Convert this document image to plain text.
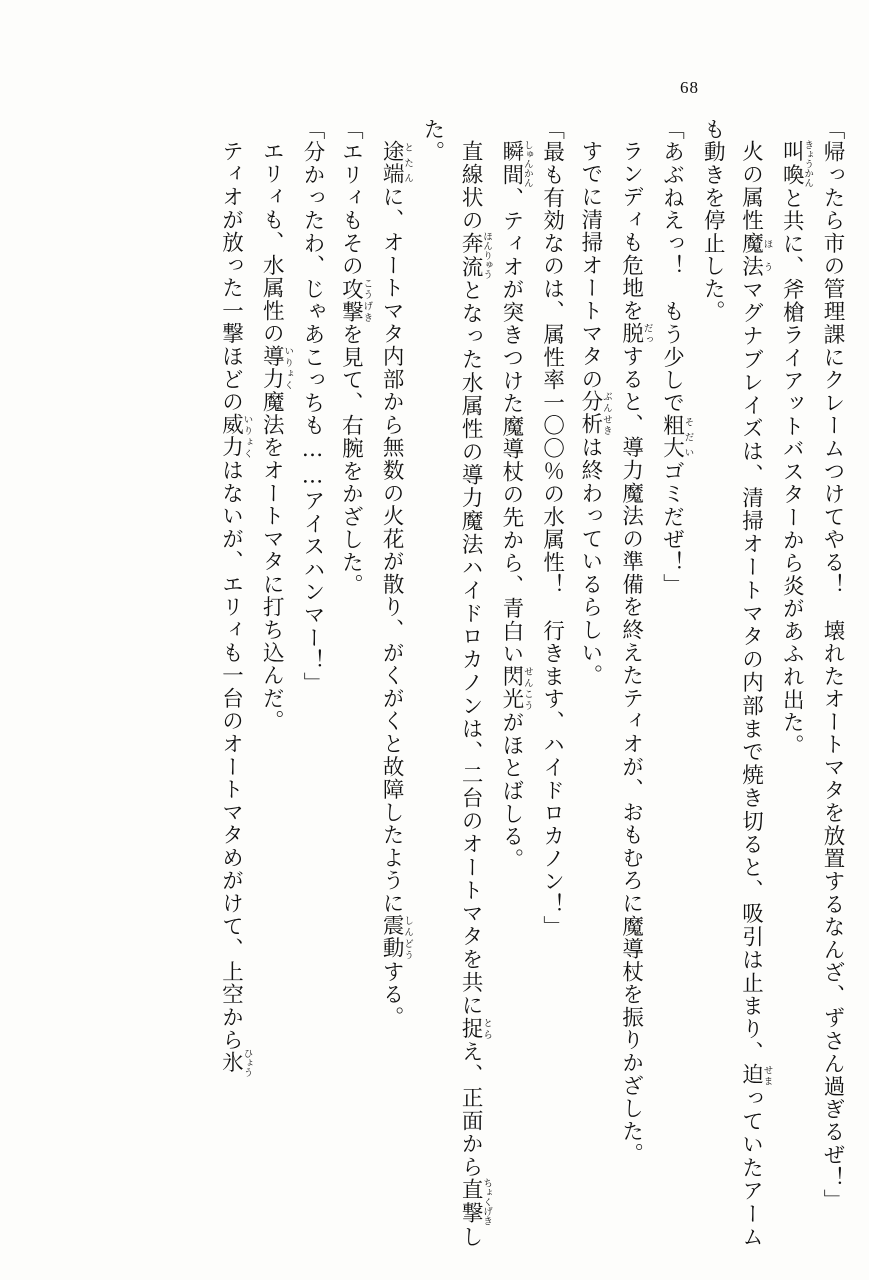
68

「帰ったら市の管理課にクレームつけてやる！　壊れたオートマタを放置するなんざ、ずさん過ぎるぜ！」

叫喚きょうかんと共に、斧槍ライアットバスターから炎があふれ出た。

火の属性魔法ほうマグナブレイズは、清掃オートマタの内部まで焼き切ると、吸引は止まり、迫せまっていたアームも動きを停止した。

「あぶねえっ！　もう少しで粗大そだいゴミだぜ！」

ランディも危地を脱だっすると、導力魔法の準備を終えたティオが、おもむろに魔導杖を振りかざした。

すでに清掃オートマタの分析ぶんせきは終わっているらしい。

「最も有効なのは、属性率一〇〇％の水属性！　行きます、ハイドロカノン！」

瞬間しゅんかん、ティオが突きつけた魔導杖の先から、青白い閃光せんこうがほとばしる。

直線状の奔流ほんりゅうとなった水属性の導力魔法ハイドロカノンは、二台のオートマタを共に捉とらえ、正面から直撃ちょくげきした。

途端とたんに、オートマタ内部から無数の火花が散り、がくがくと故障したように震動しんどうする。

「エリィもその攻撃こうげきを見て、右腕をかざした。

「分かったわ、じゃあこっちも……アイスハンマー！」

エリィも、水属性の導力いりょく魔法をオートマタに打ち込んだ。

ティオが放った一撃ほどの威力いりょくはないが、エリィも一台のオートマタめがけて、上空から氷ひょう
